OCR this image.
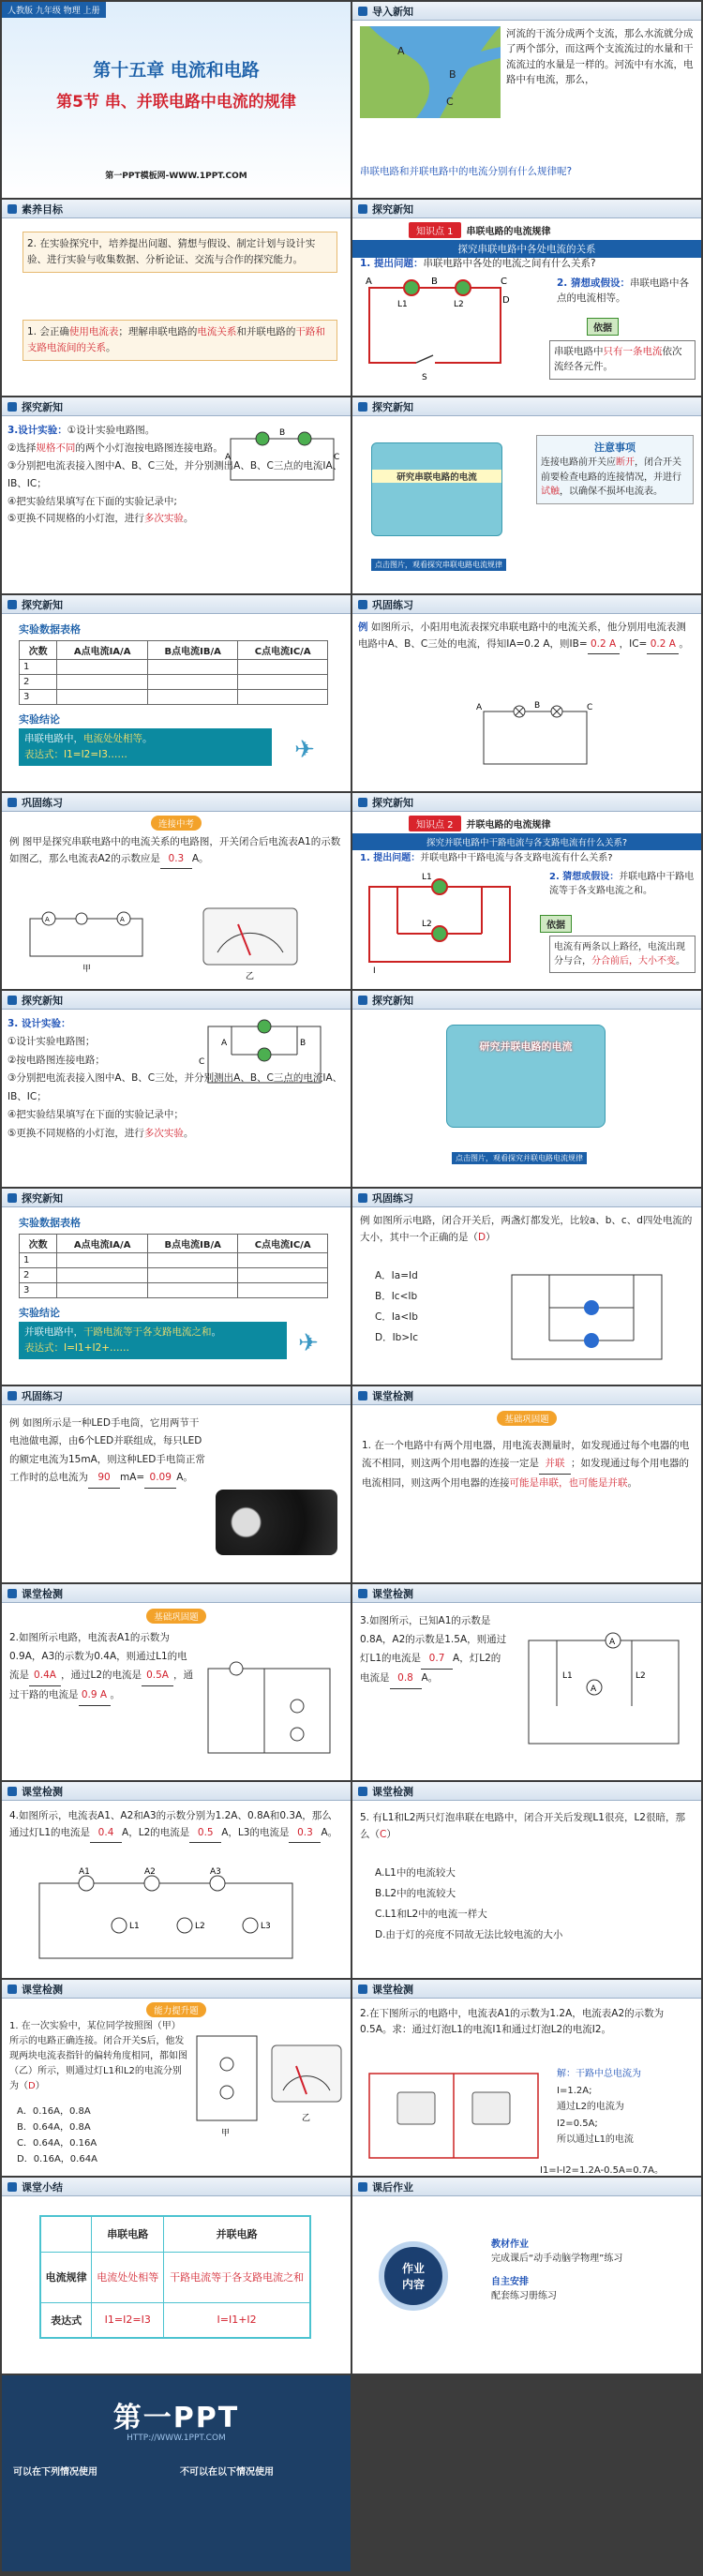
人教版 九年级 物理 上册
第十五章 电流和电路
第5节 串、并联电路中电流的规律
第一PPT模板网-WWW.1PPT.COM
导入新知
A
B
C
河流的干流分成两个支流，那么水流就分成了两个部分，而这两个支流流过的水量和干流流过的水量是一样的。河流中有水流，电路中有电流，那么，
串联电路和并联电路中的电流分别有什么规律呢?
素养目标
2. 在实验探究中，培养提出问题、猜想与假设、制定计划与设计实验、进行实验与收集数据、分析论证、交流与合作的探究能力。
1. 会正确使用电流表；理解串联电路的电流关系和并联电路的干路和支路电流间的关系。
探究新知
知识点 1 串联电路的电流规律
探究串联电路中各处电流的关系
1. 提出问题：串联电路中各处的电流之间有什么关系?
A	B	C
D
L1	L2
S
2. 猜想或假设：串联电路中各点的电流相等。
依据
串联电路中只有一条电流依次流经各元件。
探究新知
3.设计实验：①设计实验电路图。
②选择规格不同的两个小灯泡按电路图连接电路。
③分别把电流表接入图中A、B、C三处，并分别测出A、B、C三点的电流IA、IB、IC；
④把实验结果填写在下面的实验记录中;
⑤更换不同规格的小灯泡，进行多次实验。
A
B
C
探究新知
研究串联电路的电流
点击图片，观看探究串联电路电流规律
注意事项
连接电路前开关应断开，闭合开关前要检查电路的连接情况，并进行试触，以确保不损坏电流表。
探究新知
实验数据表格
次数	A点电流IA/A	B点电流IB/A	C点电流IC/A
1			
2			
3			
实验结论
串联电路中，电流处处相等。
表达式：I1=I2=I3……	✈
巩固练习
例 如图所示，小阳用电流表探究串联电路中的电流关系，他分别用电流表测电路中A、B、C三处的电流，得知IA=0.2 A，则IB= 0.2 A ，IC= 0.2 A 。
A	B	C
巩固练习
连接中考
例 图甲是探究串联电路中的电流关系的电路图，开关闭合后电流表A1的示数如图乙，那么电流表A2的示数应是 0.3 A。
A	A
甲
乙
探究新知
知识点 2 并联电路的电流规律
探究并联电路中干路电流与各支路电流有什么关系?
1. 提出问题：并联电路中干路电流与各支路电流有什么关系?
L1
L2
I
2. 猜想或假设：并联电路中干路电流等于各支路电流之和。
依据
电流有两条以上路径，电流出现分与合，分合前后，大小不变。
探究新知
3. 设计实验：
①设计实验电路图；
②按电路图连接电路；
③分别把电流表接入图中A、B、C三处，并分别测出A、B、C三点的电流IA、IB、IC；
④把实验结果填写在下面的实验记录中；
⑤更换不同规格的小灯泡，进行多次实验。
A	B
C
探究新知
研究并联电路的电流
点击图片，观看探究并联电路电流规律
探究新知
实验数据表格
次数	A点电流IA/A	B点电流IB/A	C点电流IC/A
1			
2			
3			
实验结论
并联电路中，干路电流等于各支路电流之和。
表达式：I=I1+I2+……	✈
巩固练习
例 如图所示电路，闭合开关后，两盏灯都发光，比较a、b、c、d四处电流的大小，其中一个正确的是（D）
A．Ia=Id
B．Ic<Ib
C．Ia<Ib
D．Ib>Ic
巩固练习
例 如图所示是一种LED手电筒，它用两节干电池做电源，由6个LED并联组成，每只LED的额定电流为15mA，则这种LED手电筒正常工作时的总电流为 90 mA= 0.09 A。
课堂检测
基础巩固题
1. 在一个电路中有两个用电器，用电流表测量时，如发现通过每个电器的电流不相同，则这两个用电器的连接一定是 并联 ；如发现通过每个用电器的电流相同，则这两个用电器的连接可能是串联，也可能是并联。
课堂检测
基础巩固题
2.如图所示电路，电流表A1的示数为0.9A，A3的示数为0.4A，则通过L1的电流是 0.4A ，通过L2的电流是 0.5A ，通过干路的电流是 0.9 A 。
课堂检测
3.如图所示，已知A1的示数是0.8A，A2的示数是1.5A，则通过灯L1的电流是 0.7 A，灯L2的电流是 0.8 A。
A
A
L1	L2
课堂检测
4.如图所示，电流表A1、A2和A3的示数分别为1.2A、0.8A和0.3A，那么 通过灯L1的电流是 0.4 A，L2的电流是 0.5 A，L3的电流是 0.3 A。
A1	A2	A3
L1	L2	L3
课堂检测
5. 有L1和L2两只灯泡串联在电路中，闭合开关后发现L1很亮，L2很暗，那么（C）
A.L1中的电流较大
B.L2中的电流较大
C.L1和L2中的电流一样大
D.由于灯的亮度不同故无法比较电流的大小
课堂检测
能力提升题
1. 在一次实验中，某位同学按照图（甲）所示的电路正确连接。闭合开关S后，他发现两块电流表指针的偏转角度相同，都如图（乙）所示，则通过灯L1和L2的电流分别为（D）
A．0.16A，0.8A
B．0.64A，0.8A
C．0.64A，0.16A
D．0.16A，0.64A
甲
乙
课堂检测
2.在下图所示的电路中，电流表A1的示数为1.2A，电流表A2的示数为0.5A。求：通过灯泡L1的电流I1和通过灯泡L2的电流I2。
解：干路中总电流为
I=1.2A;
通过L2的电流为
I2=0.5A;
所以通过L1的电流
I1=I-I2=1.2A-0.5A=0.7A。
课堂小结
	串联电路	并联电路
电流规律	电流处处相等	干路电流等于各支路电流之和
表达式	I1=I2=I3	I=I1+I2
课后作业
作业内容
教材作业
完成课后“动手动脑学物理”练习
自主安排
配套练习册练习
第一PPT
HTTP://WWW.1PPT.COM
可以在下列情况使用	不可以在以下情况使用
